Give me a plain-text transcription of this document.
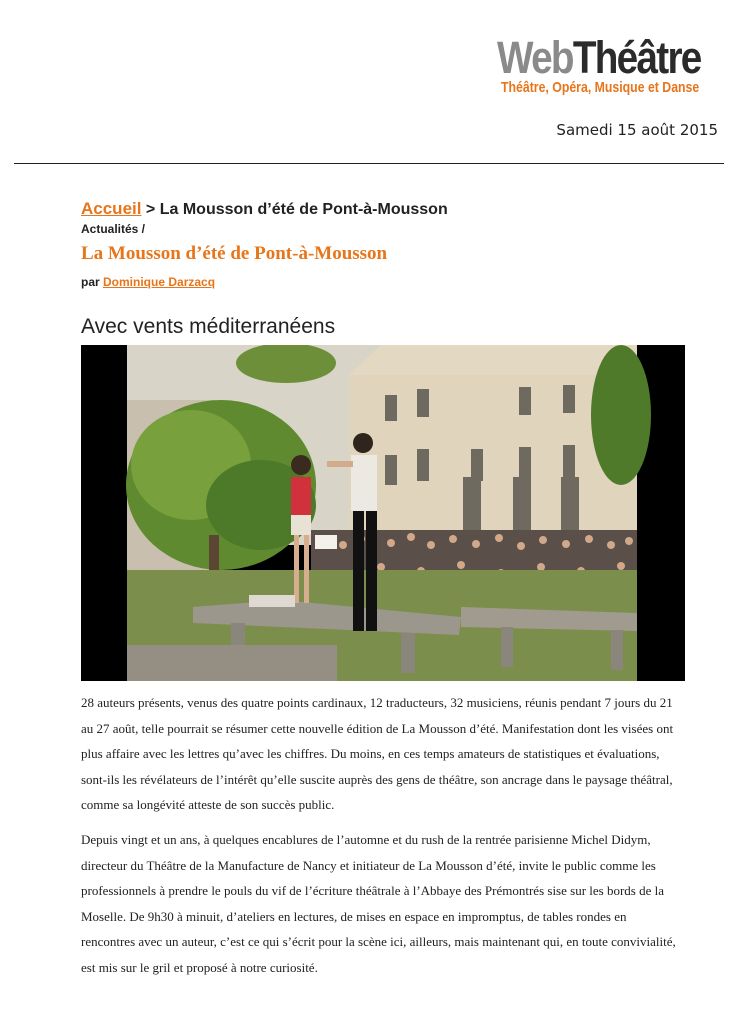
WebThéâtre
Théâtre, Opéra, Musique et Danse
Samedi 15 août 2015
Accueil > La Mousson d’été de Pont-à-Mousson
Actualités /
La Mousson d’été de Pont-à-Mousson
par Dominique Darzacq
Avec vents méditerranéens

28 auteurs présents, venus des quatre points cardinaux, 12 traducteurs, 32 musiciens, réunis pendant 7 jours du 21 au 27 août, telle pourrait se résumer cette nouvelle édition de La Mousson d’été. Manifestation dont les visées ont plus affaire avec les lettres qu’avec les chiffres. Du moins, en ces temps amateurs de statistiques et évaluations, sont-ils les révélateurs de l’intérêt qu’elle suscite auprès des gens de théâtre, son ancrage dans le paysage théâtral, comme sa longévité atteste de son succès public.

Depuis vingt et un ans, à quelques encablures de l’automne et du rush de la rentrée parisienne Michel Didym, directeur du Théâtre de la Manufacture de Nancy et initiateur de La Mousson d’été, invite le public comme les professionnels à prendre le pouls du vif de l’écriture théâtrale à l’Abbaye des Prémontrés sise sur les bords de la Moselle. De 9h30 à minuit, d’ateliers en lectures, de mises en espace en impromptus, de tables rondes en rencontres avec un auteur, c’est ce qui s’écrit pour la scène ici, ailleurs, mais maintenant qui, en toute convivialité, est mis sur le gril et proposé à notre curiosité.
